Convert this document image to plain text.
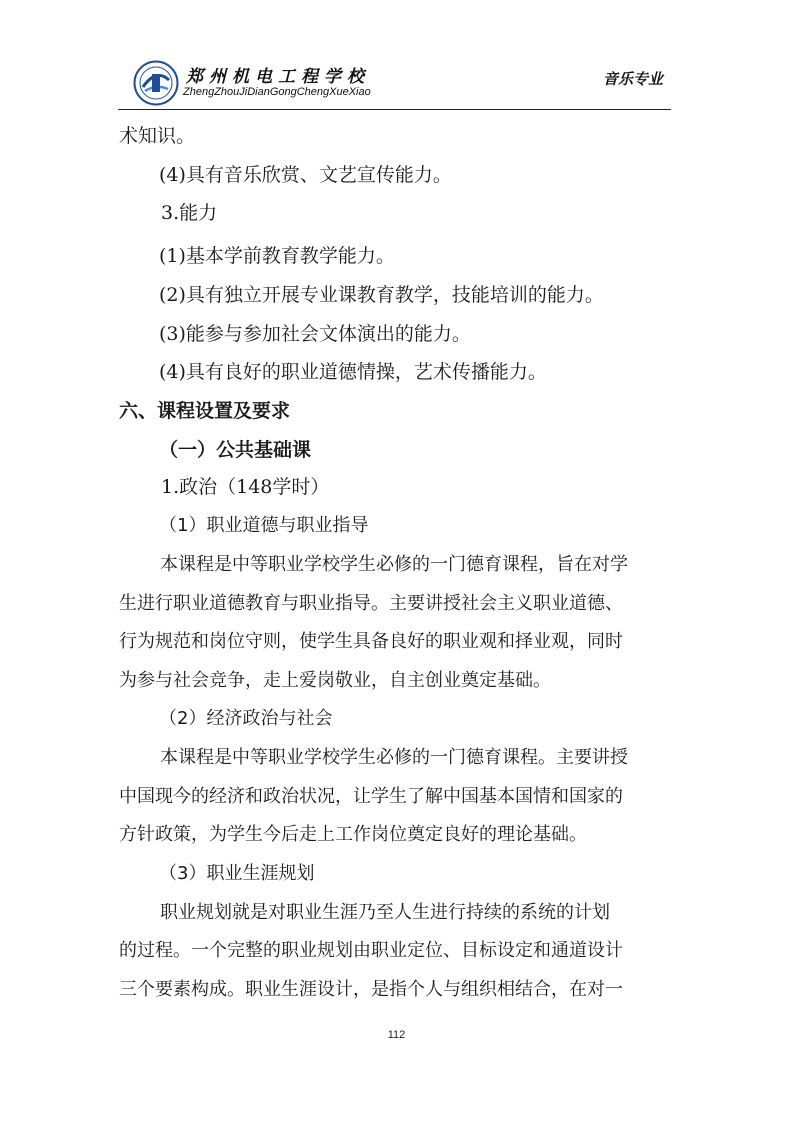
郑州机电工程学校
ZhengZhouJiDianGongChengXueXiao
音乐专业
术知识。
(4)具有音乐欣赏、文艺宣传能力。
3.能力
(1)基本学前教育教学能力。
(2)具有独立开展专业课教育教学，技能培训的能力。
(3)能参与参加社会文体演出的能力。
(4)具有良好的职业道德情操，艺术传播能力。
六、课程设置及要求
（一）公共基础课
1.政治（148学时）
（1）职业道德与职业指导
本课程是中等职业学校学生必修的一门德育课程，旨在对学
生进行职业道德教育与职业指导。主要讲授社会主义职业道德、
行为规范和岗位守则，使学生具备良好的职业观和择业观，同时
为参与社会竞争，走上爱岗敬业，自主创业奠定基础。
（2）经济政治与社会
本课程是中等职业学校学生必修的一门德育课程。主要讲授
中国现今的经济和政治状况，让学生了解中国基本国情和国家的
方针政策，为学生今后走上工作岗位奠定良好的理论基础。
（3）职业生涯规划
职业规划就是对职业生涯乃至人生进行持续的系统的计划
的过程。一个完整的职业规划由职业定位、目标设定和通道设计
三个要素构成。职业生涯设计，是指个人与组织相结合，在对一
112
